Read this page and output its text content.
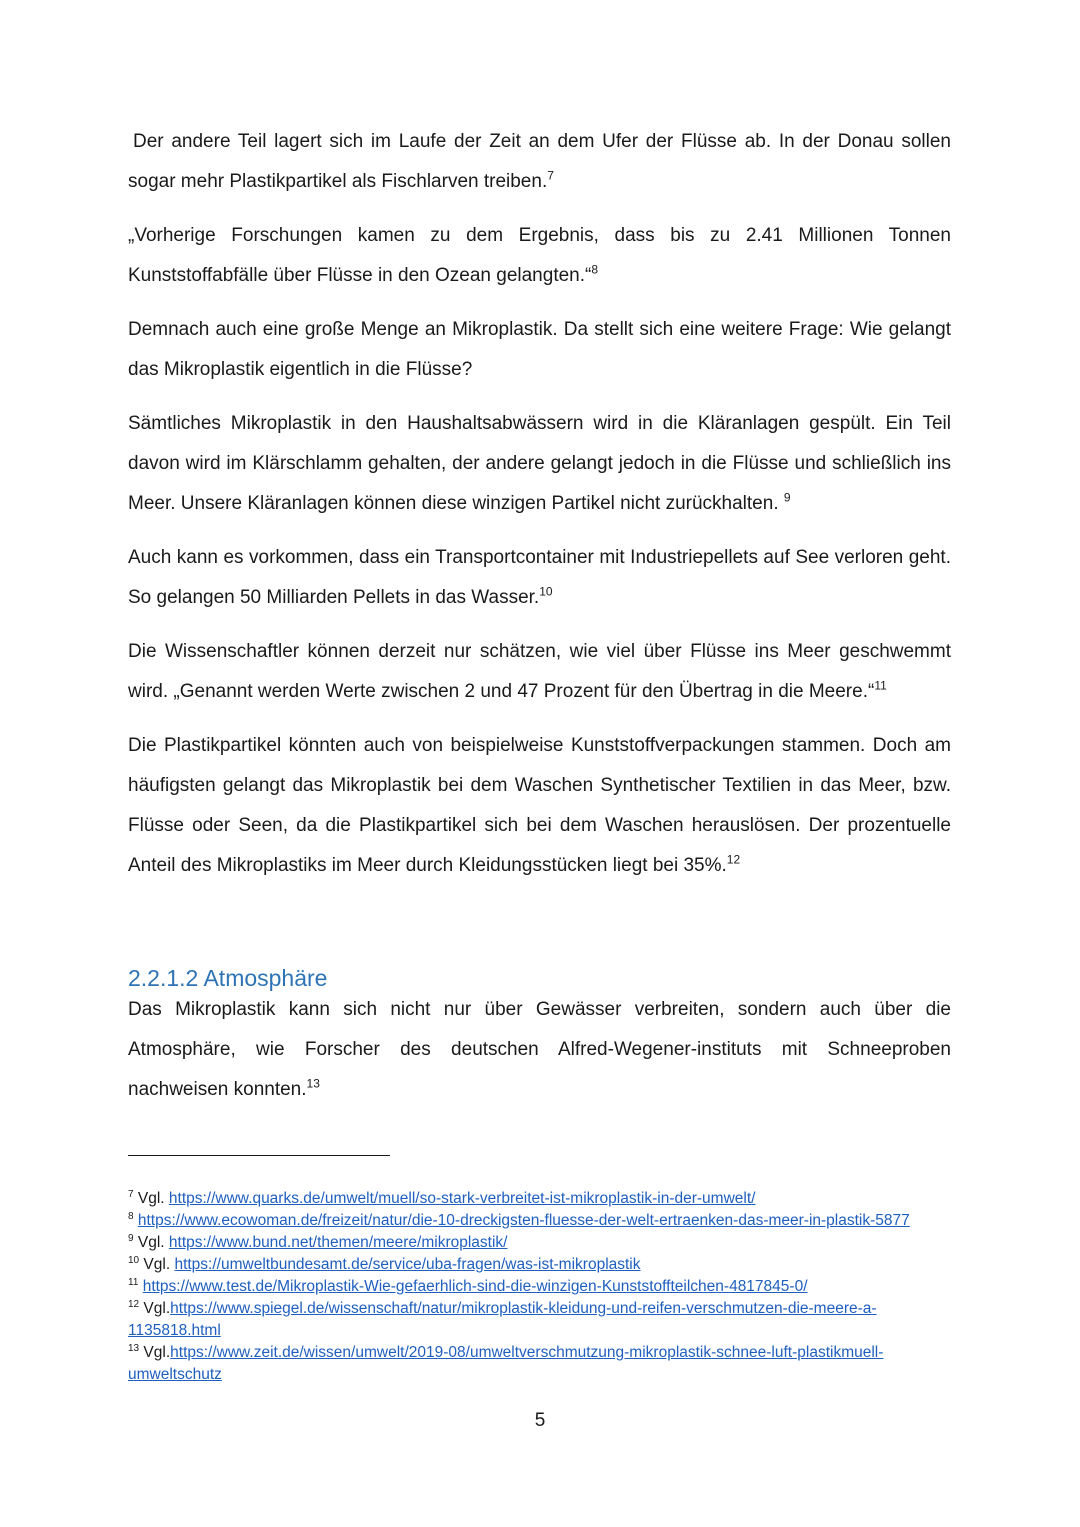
Der andere Teil lagert sich im Laufe der Zeit an dem Ufer der Flüsse ab. In der Donau sollen sogar mehr Plastikpartikel als Fischlarven treiben.$^7$

„Vorherige Forschungen kamen zu dem Ergebnis, dass bis zu 2.41 Millionen Tonnen Kunststoffabfälle über Flüsse in den Ozean gelangten.“$^8$

Demnach auch eine große Menge an Mikroplastik. Da stellt sich eine weitere Frage: Wie gelangt das Mikroplastik eigentlich in die Flüsse?

Sämtliches Mikroplastik in den Haushaltsabwässern wird in die Kläranlagen gespült. Ein Teil davon wird im Klärschlamm gehalten, der andere gelangt jedoch in die Flüsse und schließlich ins Meer. Unsere Kläranlagen können diese winzigen Partikel nicht zurückhalten. $^9$

Auch kann es vorkommen, dass ein Transportcontainer mit Industriepellets auf See verloren geht. So gelangen 50 Milliarden Pellets in das Wasser.$^{10}$

Die Wissenschaftler können derzeit nur schätzen, wie viel über Flüsse ins Meer geschwemmt wird. „Genannt werden Werte zwischen 2 und 47 Prozent für den Übertrag in die Meere.“$^{11}$

Die Plastikpartikel könnten auch von beispielweise Kunststoffverpackungen stammen. Doch am häufigsten gelangt das Mikroplastik bei dem Waschen Synthetischer Textilien in das Meer, bzw. Flüsse oder Seen, da die Plastikpartikel sich bei dem Waschen herauslösen. Der prozentuelle Anteil des Mikroplastiks im Meer durch Kleidungsstücken liegt bei 35%.$^{12}$

2.2.1.2 Atmosphäre

Das Mikroplastik kann sich nicht nur über Gewässer verbreiten, sondern auch über die Atmosphäre, wie Forscher des deutschen Alfred-Wegener-instituts mit Schneeproben nachweisen konnten.$^{13}$

$^7$ Vgl. https://www.quarks.de/umwelt/muell/so-stark-verbreitet-ist-mikroplastik-in-der-umwelt/

$^8$ https://www.ecowoman.de/freizeit/natur/die-10-dreckigsten-fluesse-der-welt-ertraenken-das-meer-in-plastik-5877

$^9$ Vgl. https://www.bund.net/themen/meere/mikroplastik/

$^{10}$ Vgl. https://umweltbundesamt.de/service/uba-fragen/was-ist-mikroplastik

$^{11}$ https://www.test.de/Mikroplastik-Wie-gefaerhlich-sind-die-winzigen-Kunststoffteilchen-4817845-0/

$^{12}$ Vgl.https://www.spiegel.de/wissenschaft/natur/mikroplastik-kleidung-und-reifen-verschmutzen-die-meere-a-1135818.html

$^{13}$ Vgl.https://www.zeit.de/wissen/umwelt/2019-08/umweltverschmutzung-mikroplastik-schnee-luft-plastikmuell-umweltschutz

5
